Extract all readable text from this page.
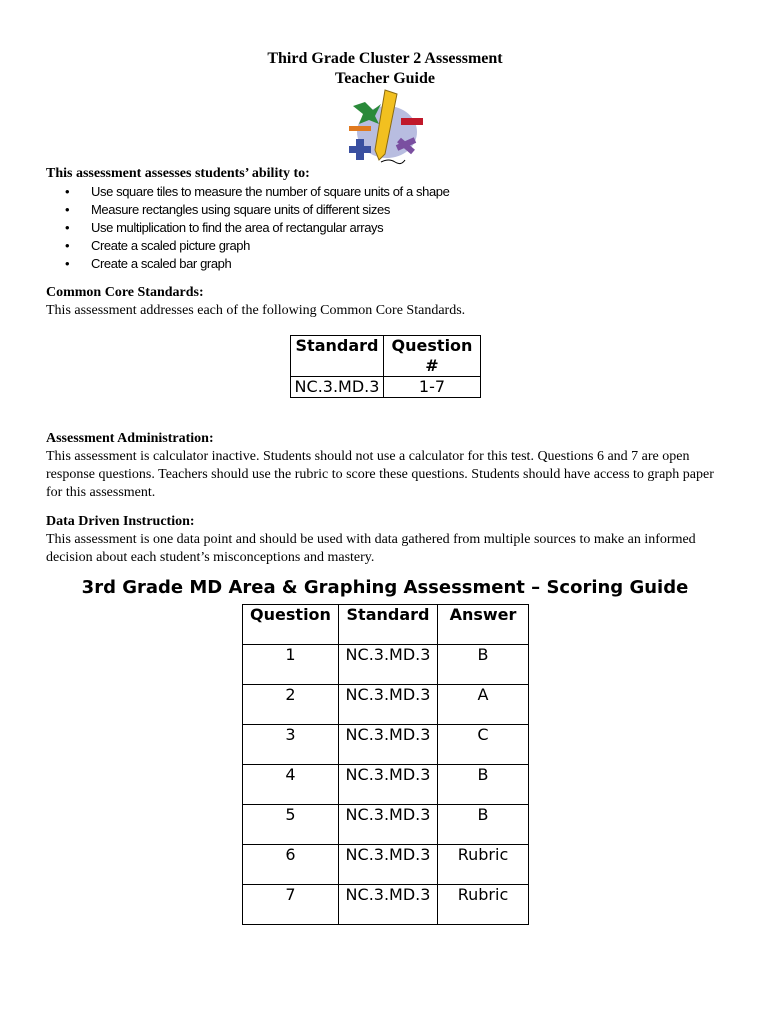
Third Grade Cluster 2 Assessment
Teacher Guide
This assessment assesses students’ ability to:
• Use square tiles to measure the number of square units of a shape
• Measure rectangles using square units of different sizes
• Use multiplication to find the area of rectangular arrays
• Create a scaled picture graph
• Create a scaled bar graph
Common Core Standards:
This assessment addresses each of the following Common Core Standards.
Standard	Question #
NC.3.MD.3	1-7
Assessment Administration:
This assessment is calculator inactive. Students should not use a calculator for this test. Questions 6 and 7 are open response questions. Teachers should use the rubric to score these questions. Students should have access to graph paper for this assessment.
Data Driven Instruction:
This assessment is one data point and should be used with data gathered from multiple sources to make an informed decision about each student’s misconceptions and mastery.
3rd Grade MD Area & Graphing Assessment – Scoring Guide
Question	Standard	Answer
1	NC.3.MD.3	B
2	NC.3.MD.3	A
3	NC.3.MD.3	C
4	NC.3.MD.3	B
5	NC.3.MD.3	B
6	NC.3.MD.3	Rubric
7	NC.3.MD.3	Rubric
